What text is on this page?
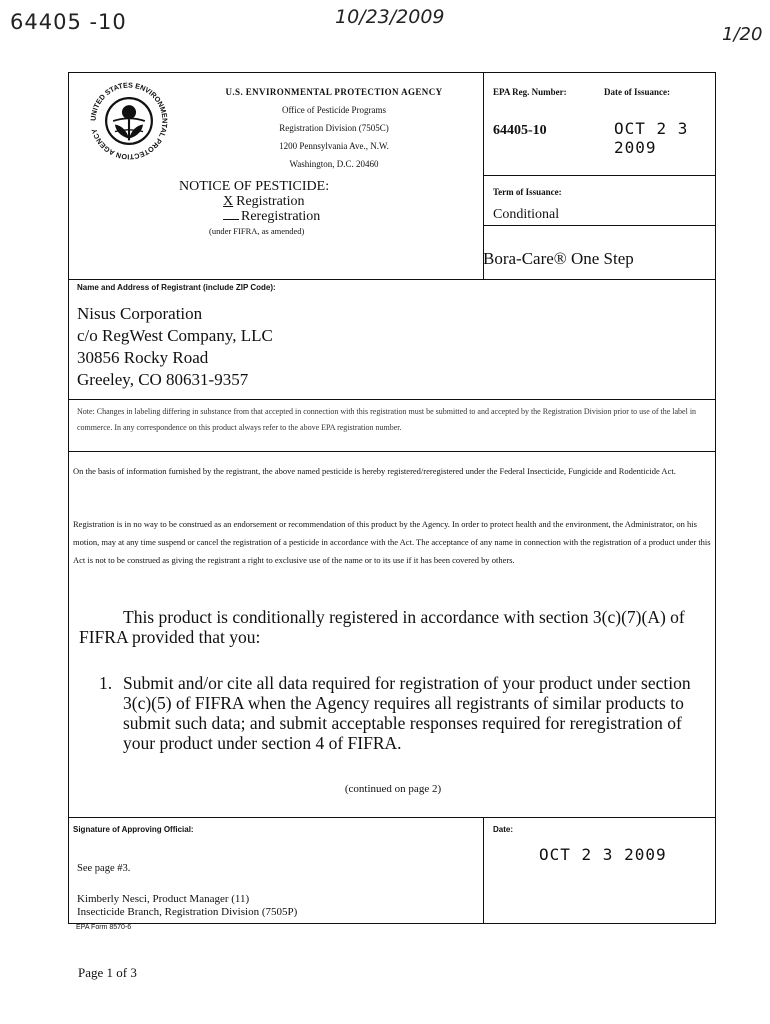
64405 -10	10/23/2009
1/20
UNITED STATES ENVIRONMENTAL PROTECTION AGENCY
U.S. ENVIRONMENTAL PROTECTION AGENCY
Office of Pesticide Programs
Registration Division (7505C)
1200 Pennsylvania Ave., N.W.
Washington, D.C. 20460
NOTICE OF PESTICIDE:
X Registration
Reregistration
(under FIFRA, as amended)
EPA Reg. Number:	Date of Issuance:
64405-10	OCT 2 3 2009
Term of Issuance:
Conditional
Bora-Care® One Step
Name and Address of Registrant (include ZIP Code):
Nisus Corporation
c/o RegWest Company, LLC
30856 Rocky Road
Greeley, CO 80631-9357
Note: Changes in labeling differing in substance from that accepted in connection with this registration must be submitted to and accepted by the Registration Division prior to use of the label in commerce. In any correspondence on this product always refer to the above EPA registration number.
On the basis of information furnished by the registrant, the above named pesticide is hereby registered/reregistered under the Federal Insecticide, Fungicide and Rodenticide Act.
Registration is in no way to be construed as an endorsement or recommendation of this product by the Agency. In order to protect health and the environment, the Administrator, on his motion, may at any time suspend or cancel the registration of a pesticide in accordance with the Act. The acceptance of any name in connection with the registration of a product under this Act is not to be construed as giving the registrant a right to exclusive use of the name or to its use if it has been covered by others.
This product is conditionally registered in accordance with section 3(c)(7)(A) of
FIFRA provided that you:
1. Submit and/or cite all data required for registration of your product under section 3(c)(5) of FIFRA when the Agency requires all registrants of similar products to submit such data; and submit acceptable responses required for reregistration of your product under section 4 of FIFRA.
(continued on page 2)
Signature of Approving Official:	Date:
See page #3.
Kimberly Nesci, Product Manager (11)
Insecticide Branch, Registration Division (7505P)
OCT 2 3 2009
EPA Form 8570-6
Page 1 of 3
